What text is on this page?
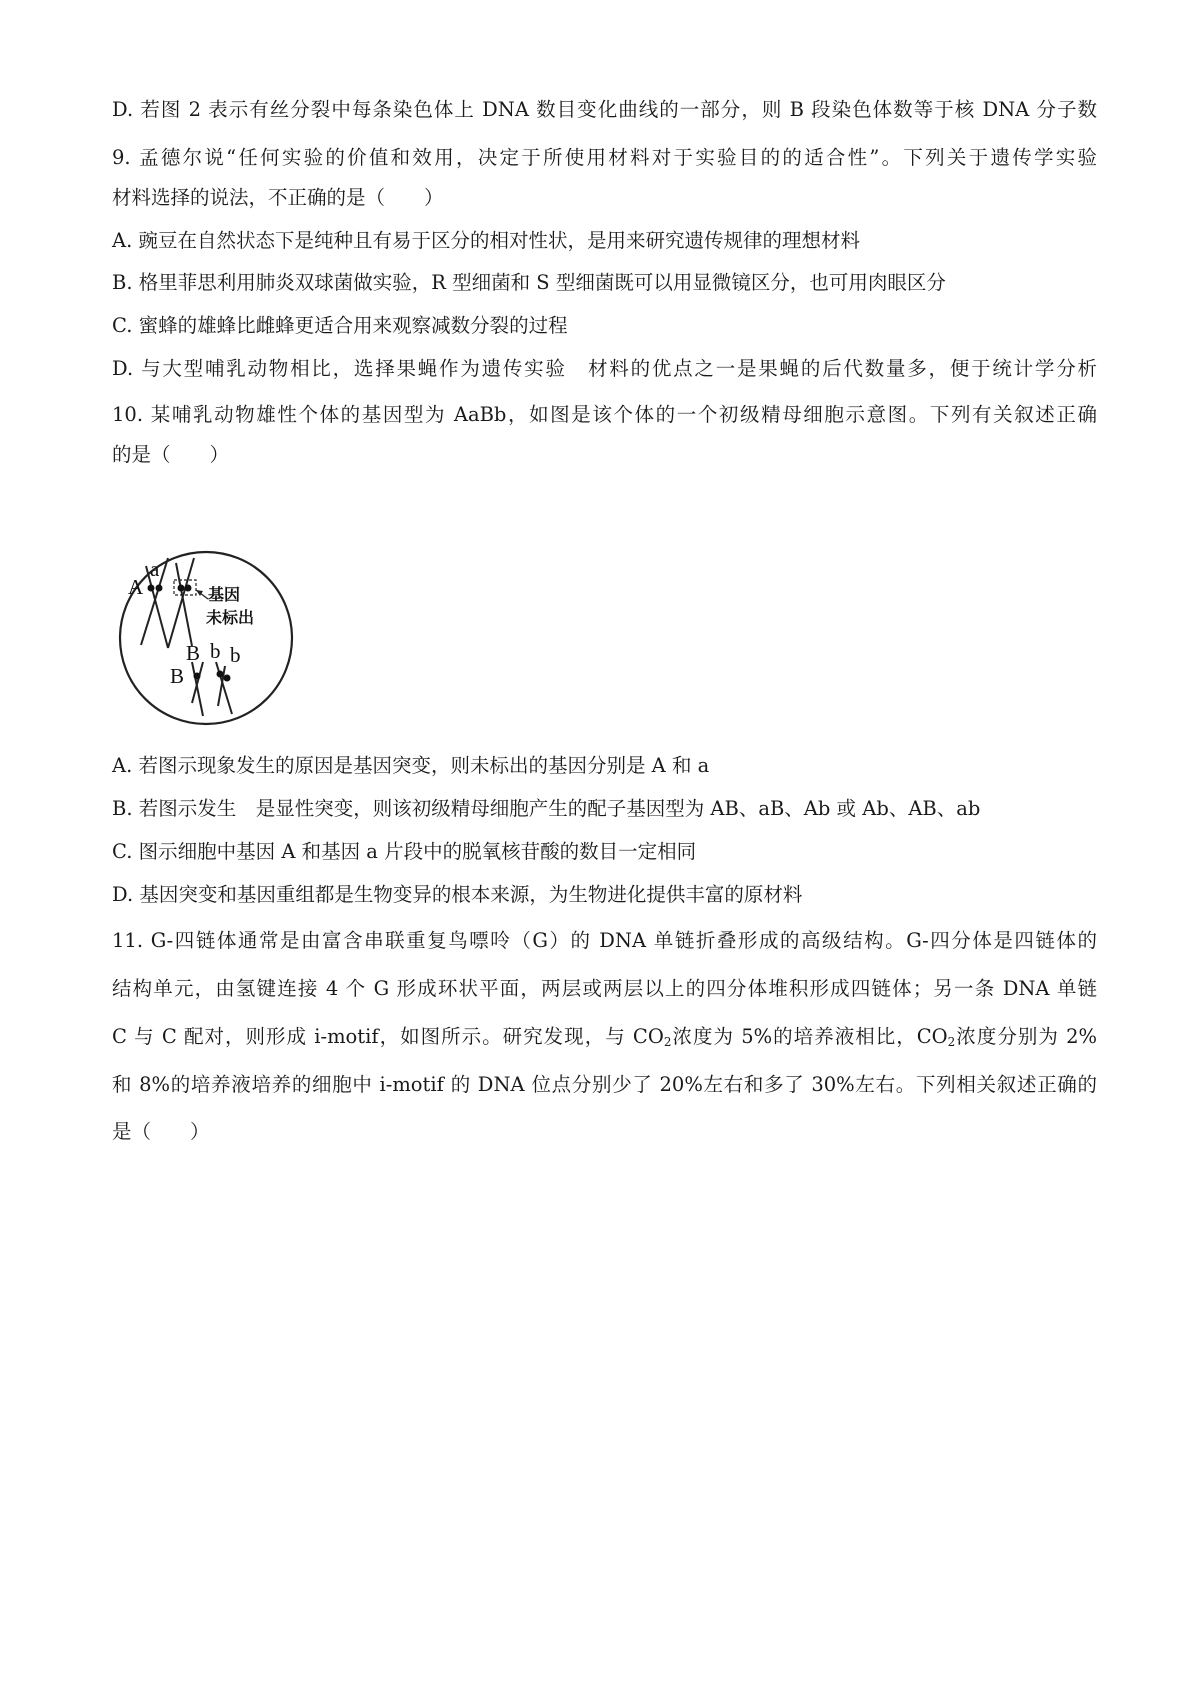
D. 若图 2 表示有丝分裂中每条染色体上 DNA 数目变化曲线的一部分，则 B 段染色体数等于核 DNA 分子数
9. 孟德尔说“任何实验的价值和效用，决定于所使用材料对于实验目的的适合性”。下列关于遗传学实验
材料选择的说法，不正确的是（　　）
A. 豌豆在自然状态下是纯种且有易于区分的相对性状，是用来研究遗传规律的理想材料
B. 格里菲思利用肺炎双球菌做实验，R 型细菌和 S 型细菌既可以用显微镜区分，也可用肉眼区分
C. 蜜蜂的雄蜂比雌蜂更适合用来观察减数分裂的过程
D. 与大型哺乳动物相比，选择果蝇作为遗传实验　材料的优点之一是果蝇的后代数量多，便于统计学分析
10. 某哺乳动物雄性个体的基因型为 AaBb，如图是该个体的一个初级精母细胞示意图。下列有关叙述正确
的是（　　）
A
a
基因
未标出
B b b
B
A. 若图示现象发生的原因是基因突变，则未标出的基因分别是 A 和 a
B. 若图示发生　是显性突变，则该初级精母细胞产生的配子基因型为 AB、aB、Ab 或 Ab、AB、ab
C. 图示细胞中基因 A 和基因 a 片段中的脱氧核苷酸的数目一定相同
D. 基因突变和基因重组都是生物变异的根本来源，为生物进化提供丰富的原材料
11. G-四链体通常是由富含串联重复鸟嘌呤（G）的 DNA 单链折叠形成的高级结构。G-四分体是四链体的
结构单元，由氢键连接 4 个 G 形成环状平面，两层或两层以上的四分体堆积形成四链体；另一条 DNA 单链
C 与 C 配对，则形成 i-motif，如图所示。研究发现，与 $CO_2$浓度为 5%的培养液相比，$CO_2$浓度分别为 2%
和 8%的培养液培养的细胞中 i-motif 的 DNA 位点分别少了 20%左右和多了 30%左右。下列相关叙述正确的
是（　　）
